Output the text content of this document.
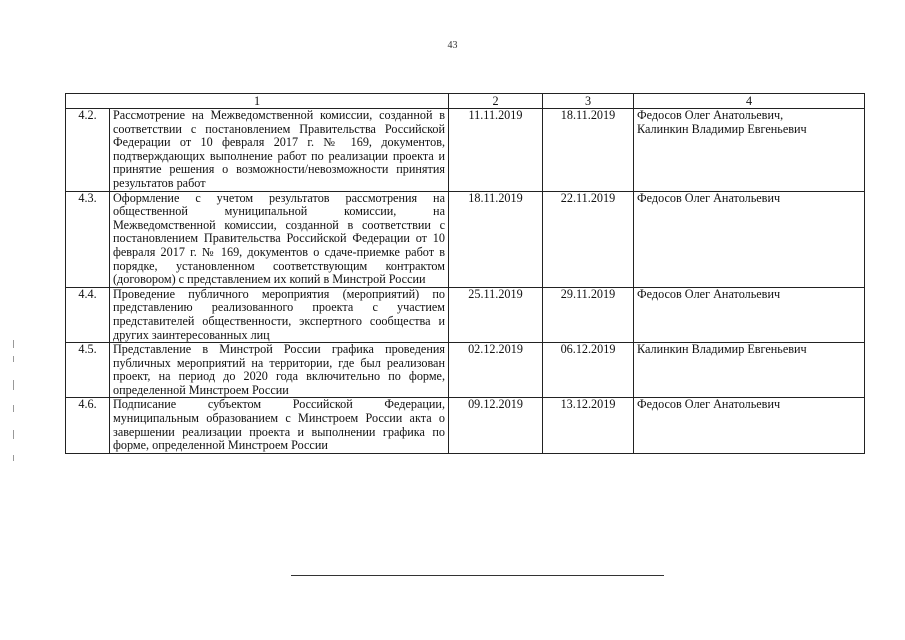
43
1		2	3	4
4.2.	Рассмотрение на Межведомственной комиссии, созданной в соответствии с постановлением Правительства Российской Федерации от 10 февраля 2017 г. № 169, документов, подтверждающих выполнение работ по реализации проекта и принятие решения о возможности/невозможности принятия результатов работ	11.11.2019	18.11.2019	Федосов Олег Анатольевич,
Калинкин Владимир Евгеньевич

4.3.	Оформление с учетом результатов рассмотрения на общественной муниципальной комиссии, на Межведомственной комиссии, созданной в соответствии с постановлением Правительства Российской Федерации от 10 февраля 2017 г. № 169, документов о сдаче-приемке работ в порядке, установленном соответствующим контрактом (договором) с представлением их копий в Минстрой России	18.11.2019	22.11.2019	Федосов Олег Анатольевич

4.4.	Проведение публичного мероприятия (мероприятий) по представлению реализованного проекта с участием представителей общественности, экспертного сообщества и других заинтересованных лиц	25.11.2019	29.11.2019	Федосов Олег Анатольевич

4.5.	Представление в Минстрой России графика проведения публичных мероприятий на территории, где был реализован проект, на период до 2020 года включительно по форме, определенной Минстроем России	02.12.2019	06.12.2019	Калинкин Владимир Евгеньевич

4.6.	Подписание субъектом Российской Федерации, муниципальным образованием с Минстроем России акта о завершении реализации проекта и выполнении графика по форме, определенной Минстроем России	09.12.2019	13.12.2019	Федосов Олег Анатольевич
